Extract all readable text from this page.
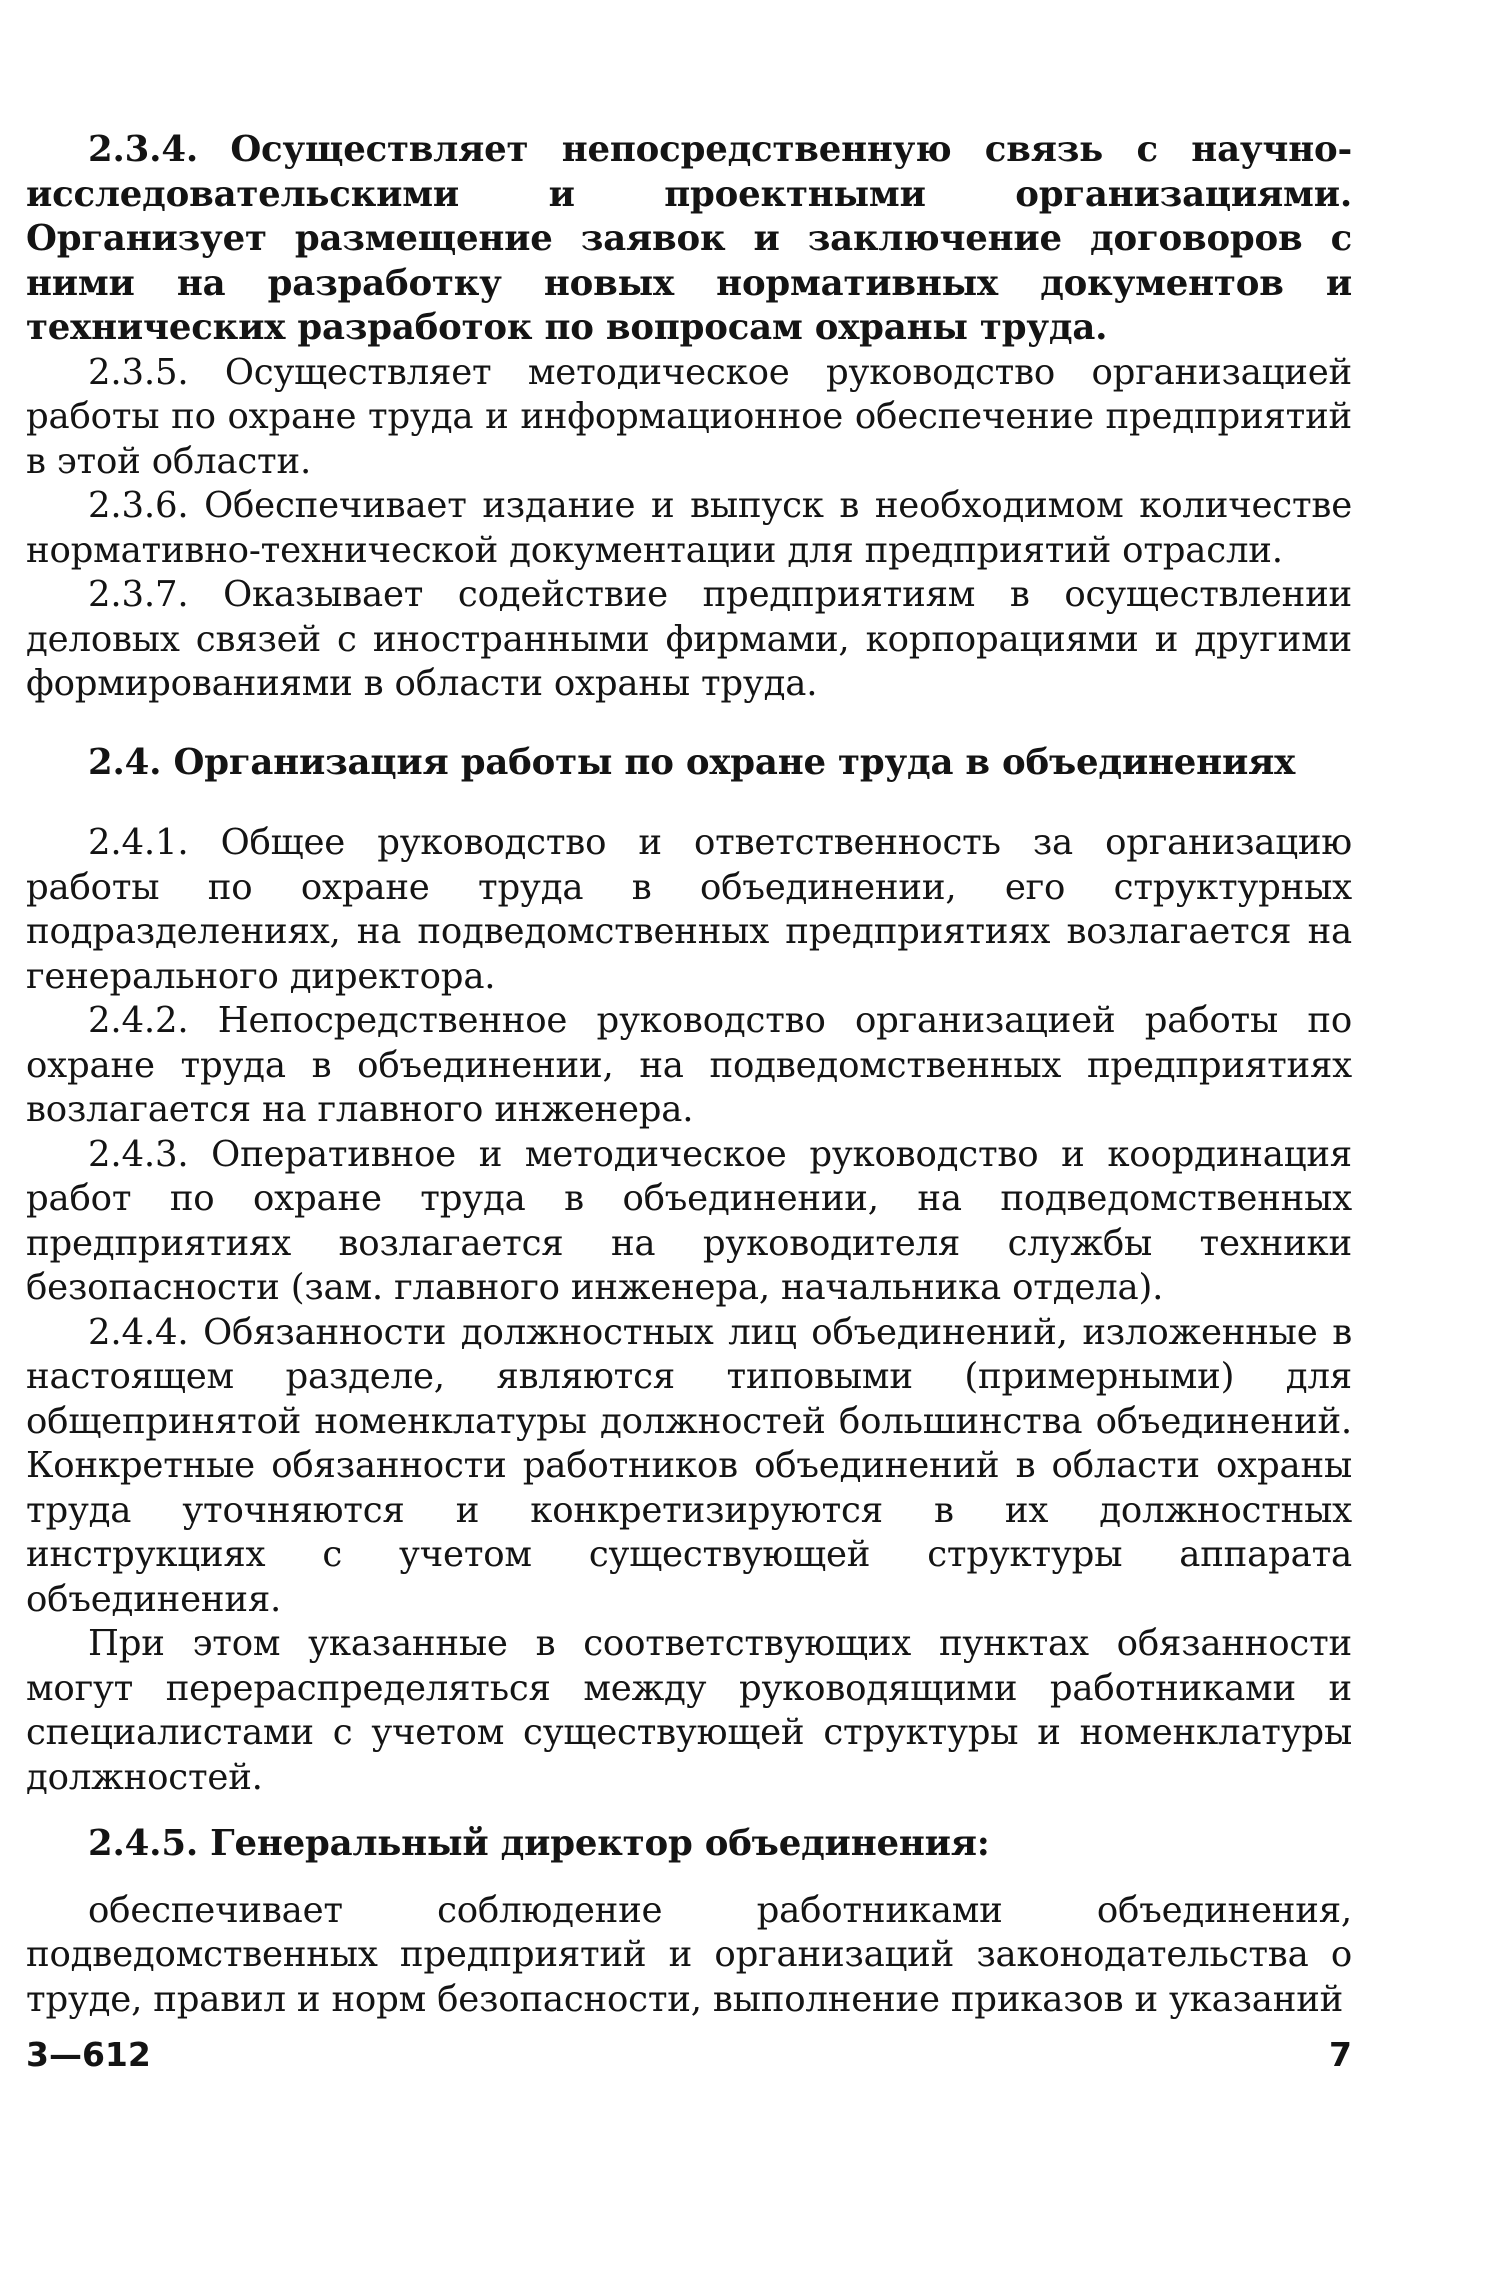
2.3.4. Осуществляет непосредственную связь с научно-исследовательскими и проектными организациями. Организует размещение заявок и заключение договоров с ними на разработку новых нормативных документов и технических разработок по вопросам охраны труда.

2.3.5. Осуществляет методическое руководство организацией работы по охране труда и информационное обеспечение предприятий в этой области.

2.3.6. Обеспечивает издание и выпуск в необходимом количестве нормативно-технической документации для предприятий отрасли.

2.3.7. Оказывает содействие предприятиям в осуществлении деловых связей с иностранными фирмами, корпорациями и другими формированиями в области охраны труда.

2.4. Организация работы по охране труда в объединениях

2.4.1. Общее руководство и ответственность за организацию работы по охране труда в объединении, его структурных подразделениях, на подведомственных предприятиях возлагается на генерального директора.

2.4.2. Непосредственное руководство организацией работы по охране труда в объединении, на подведомственных предприятиях возлагается на главного инженера.

2.4.3. Оперативное и методическое руководство и координация работ по охране труда в объединении, на подведомственных предприятиях возлагается на руководителя службы техники безопасности (зам. главного инженера, начальника отдела).

2.4.4. Обязанности должностных лиц объединений, изложенные в настоящем разделе, являются типовыми (примерными) для общепринятой номенклатуры должностей большинства объединений. Конкретные обязанности работников объединений в области охраны труда уточняются и конкретизируются в их должностных инструкциях с учетом существующей структуры аппарата объединения.

При этом указанные в соответствующих пунктах обязанности могут перераспределяться между руководящими работниками и специалистами с учетом существующей структуры и номенклатуры должностей.

2.4.5. Генеральный директор объединения:

обеспечивает соблюдение работниками объединения, подведомственных предприятий и организаций законодательства о труде, правил и норм безопасности, выполнение приказов и указаний

3—612	7
